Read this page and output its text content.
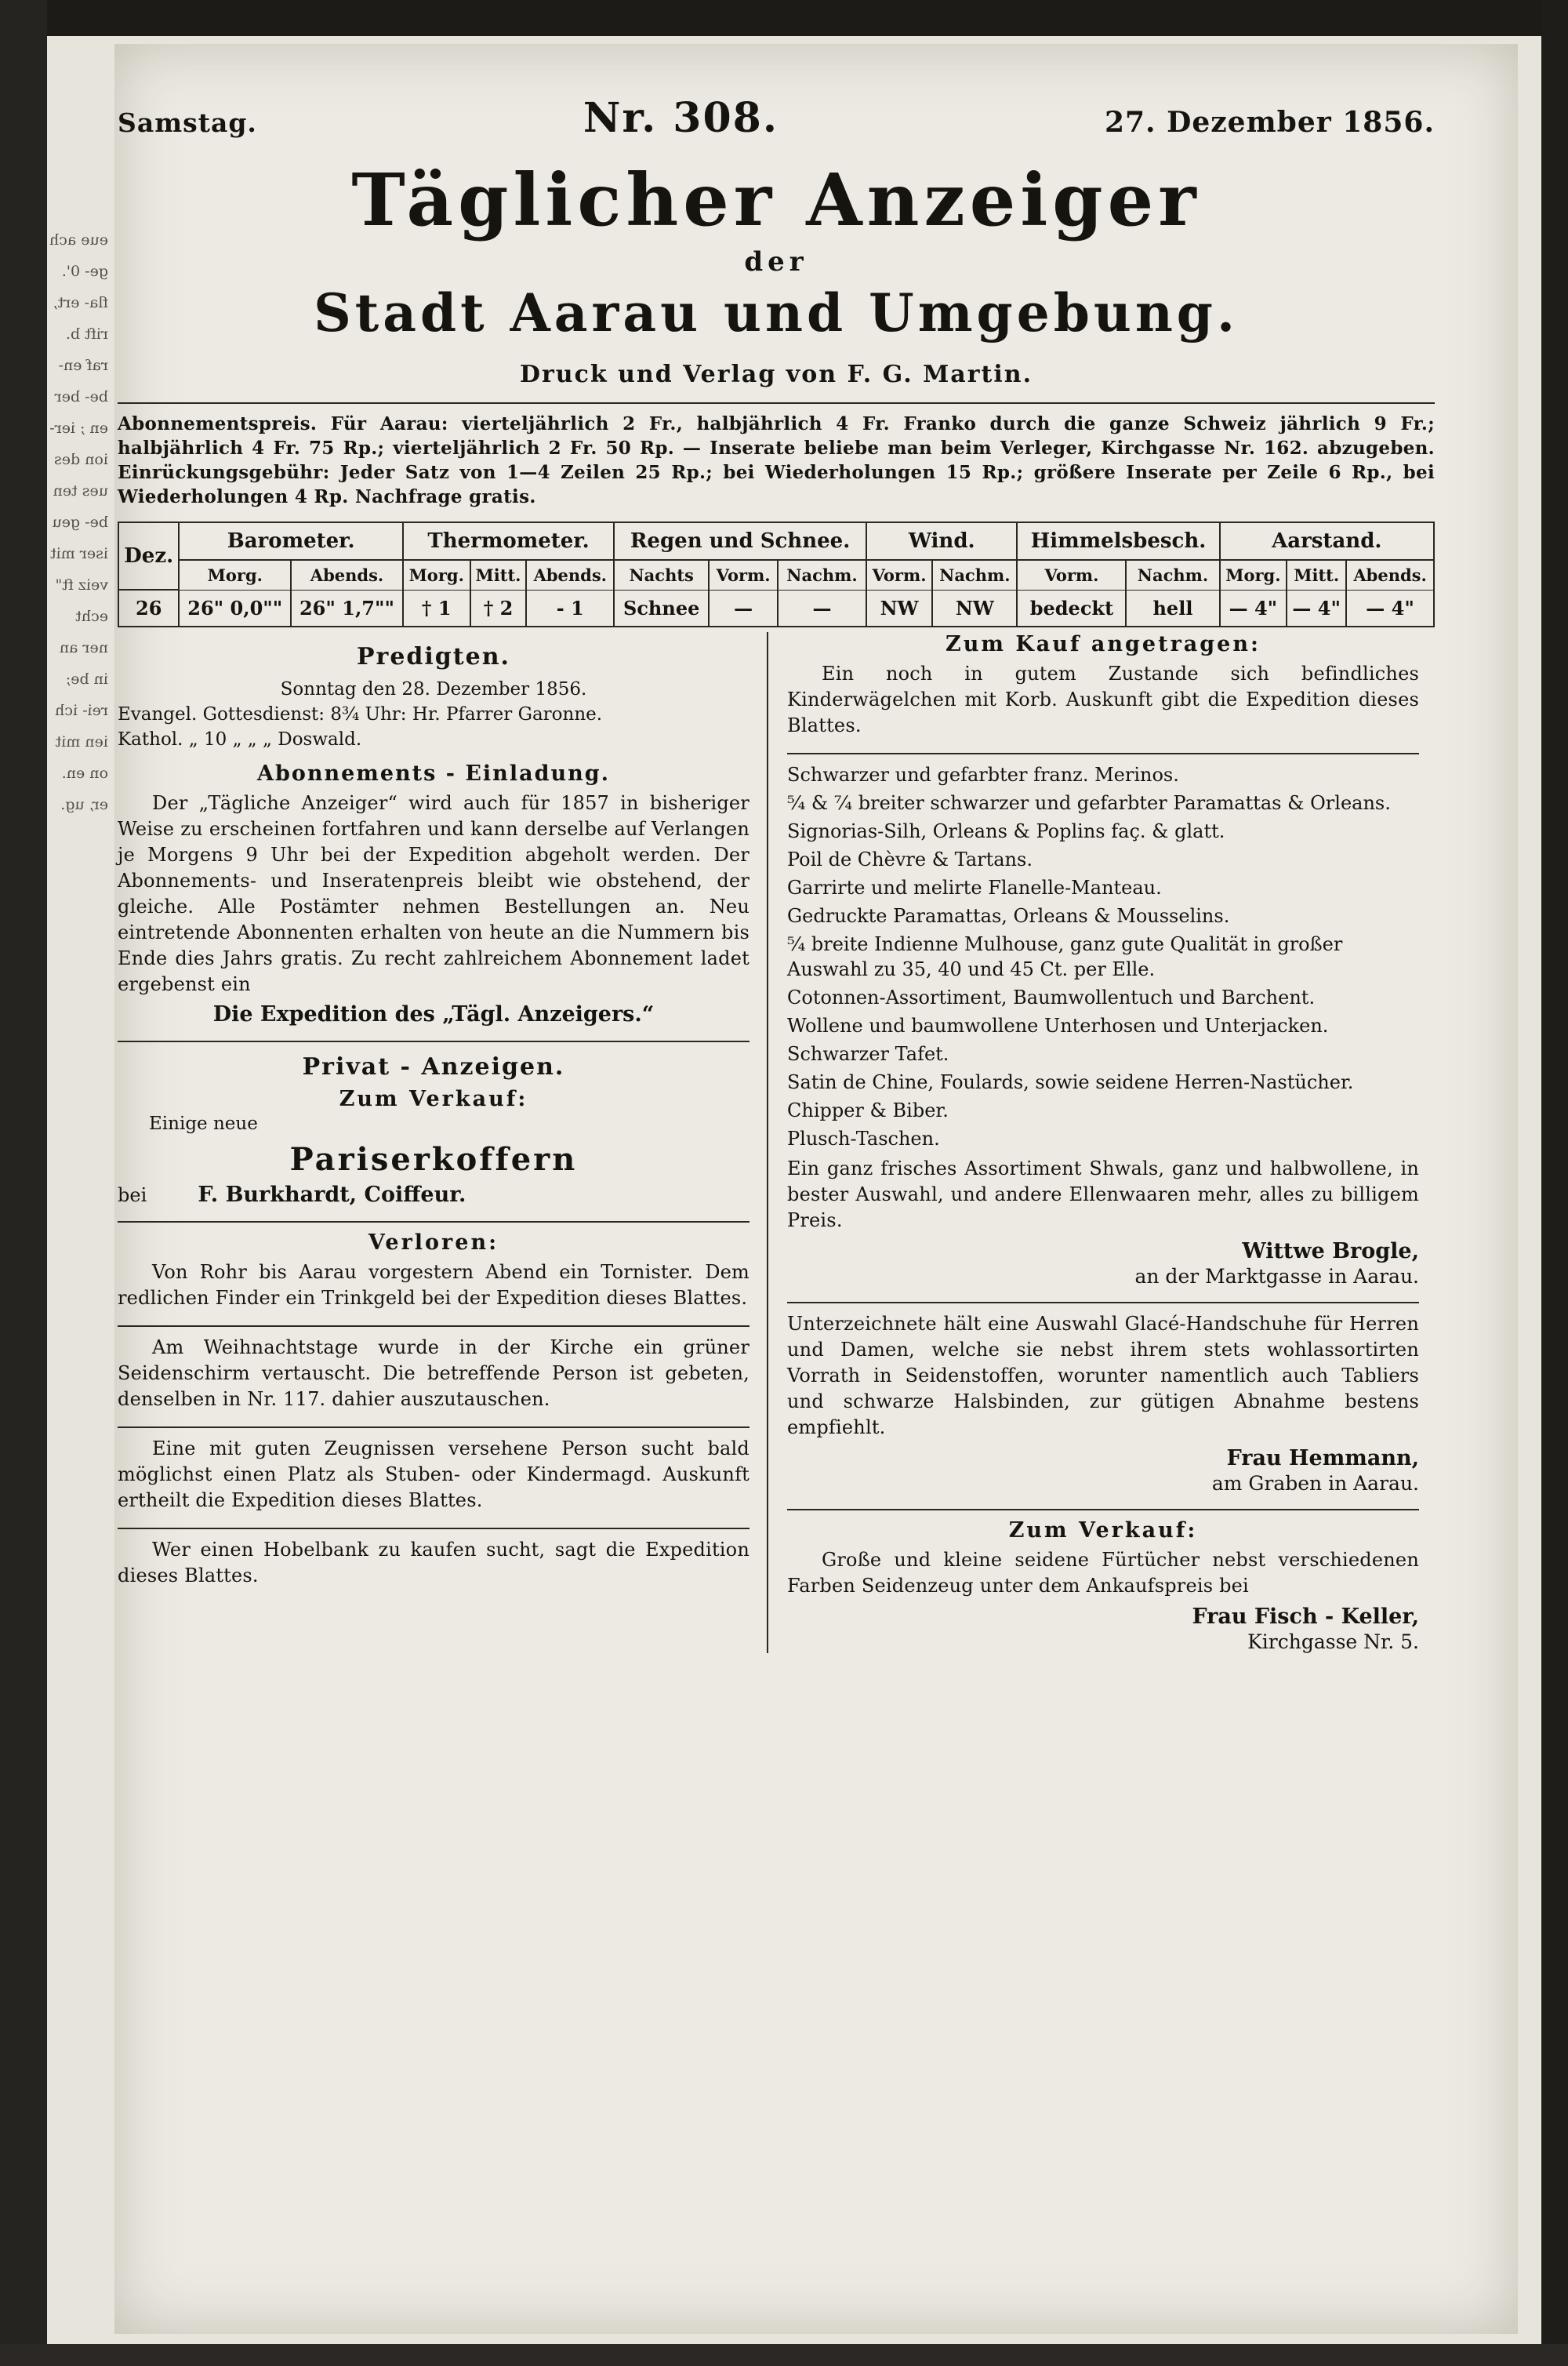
eue ach ge- 0'. fla- ert, rift b. raf en- be- ber en ; ier- ion des ues ten be- geu iser mit veiz ft" echt ner an in be; rei- ich ien mit on en. er, ug.
Samstag.	Nr. 308.	27. Dezember 1856.
Täglicher Anzeiger
der
Stadt Aarau und Umgebung.
Druck und Verlag von F. G. Martin.
Abonnementspreis. Für Aarau: vierteljährlich 2 Fr., halbjährlich 4 Fr. Franko durch die ganze Schweiz jährlich 9 Fr.; halbjährlich 4 Fr. 75 Rp.; vierteljährlich 2 Fr. 50 Rp. — Inserate beliebe man beim Verleger, Kirchgasse Nr. 162. abzugeben. Einrückungsgebühr: Jeder Satz von 1—4 Zeilen 25 Rp.; bei Wiederholungen 15 Rp.; größere Inserate per Zeile 6 Rp., bei Wiederholungen 4 Rp. Nachfrage gratis.
Dez.	Barometer.		Thermometer.			Regen und Schnee.			Wind.		Himmelsbesch.		Aarstand.		
	Morg.	Abends.	Morg.	Mitt.	Abends.	Nachts	Vorm.	Nachm.	Vorm.	Nachm.	Vorm.	Nachm.	Morg.	Mitt.	Abends.
26	26" 0,0""	26" 1,7""	† 1	† 2	- 1	Schnee	—	—	NW	NW	bedeckt	hell	— 4"	— 4"	— 4"
Predigten.
Sonntag den 28. Dezember 1856.
Evangel. Gottesdienst: 8¾ Uhr: Hr. Pfarrer Garonne.
Kathol. „ 10 „ „ „ Doswald.
Abonnements - Einladung.

Der „Tägliche Anzeiger“ wird auch für 1857 in bisheriger Weise zu erscheinen fortfahren und kann derselbe auf Verlangen je Morgens 9 Uhr bei der Expedition abgeholt werden. Der Abonnements- und Inseratenpreis bleibt wie obstehend, der gleiche. Alle Postämter nehmen Bestellungen an. Neu eintretende Abonnenten erhalten von heute an die Nummern bis Ende dies Jahrs gratis. Zu recht zahlreichem Abonnement ladet ergebenst ein

Die Expedition des „Tägl. Anzeigers.“
Privat - Anzeigen.
Zum Verkauf:
Einige neue
Pariserkoffern
bei F. Burkhardt, Coiffeur.
Verloren:

Von Rohr bis Aarau vorgestern Abend ein Tornister. Dem redlichen Finder ein Trinkgeld bei der Expedition dieses Blattes.

Am Weihnachtstage wurde in der Kirche ein grüner Seidenschirm vertauscht. Die betreffende Person ist gebeten, denselben in Nr. 117. dahier auszutauschen.

Eine mit guten Zeugnissen versehene Person sucht bald möglichst einen Platz als Stuben- oder Kindermagd. Auskunft ertheilt die Expedition dieses Blattes.

Wer einen Hobelbank zu kaufen sucht, sagt die Expedition dieses Blattes.

Zum Kauf angetragen:

Ein noch in gutem Zustande sich befindliches Kinderwägelchen mit Korb. Auskunft gibt die Expedition dieses Blattes.

Schwarzer und gefarbter franz. Merinos.
⁵⁄₄ & ⁷⁄₄ breiter schwarzer und gefarbter Paramattas & Orleans.
Signorias-Silh, Orleans & Poplins faç. & glatt.
Poil de Chèvre & Tartans.
Garrirte und melirte Flanelle-Manteau.
Gedruckte Paramattas, Orleans & Mousselins.
⁵⁄₄ breite Indienne Mulhouse, ganz gute Qualität in großer Auswahl zu 35, 40 und 45 Ct. per Elle.
Cotonnen-Assortiment, Baumwollentuch und Barchent.
Wollene und baumwollene Unterhosen und Unterjacken.
Schwarzer Tafet.
Satin de Chine, Foulards, sowie seidene Herren-Nastücher.
Chipper & Biber.
Plusch-Taschen.

Ein ganz frisches Assortiment Shwals, ganz und halbwollene, in bester Auswahl, und andere Ellenwaaren mehr, alles zu billigem Preis.

Wittwe Brogle,
an der Marktgasse in Aarau.

Unterzeichnete hält eine Auswahl Glacé-Handschuhe für Herren und Damen, welche sie nebst ihrem stets wohlassortirten Vorrath in Seidenstoffen, worunter namentlich auch Tabliers und schwarze Halsbinden, zur gütigen Abnahme bestens empfiehlt.

Frau Hemmann,
am Graben in Aarau.
Zum Verkauf:

Große und kleine seidene Fürtücher nebst verschiedenen Farben Seidenzeug unter dem Ankaufspreis bei

Frau Fisch - Keller,
Kirchgasse Nr. 5.
